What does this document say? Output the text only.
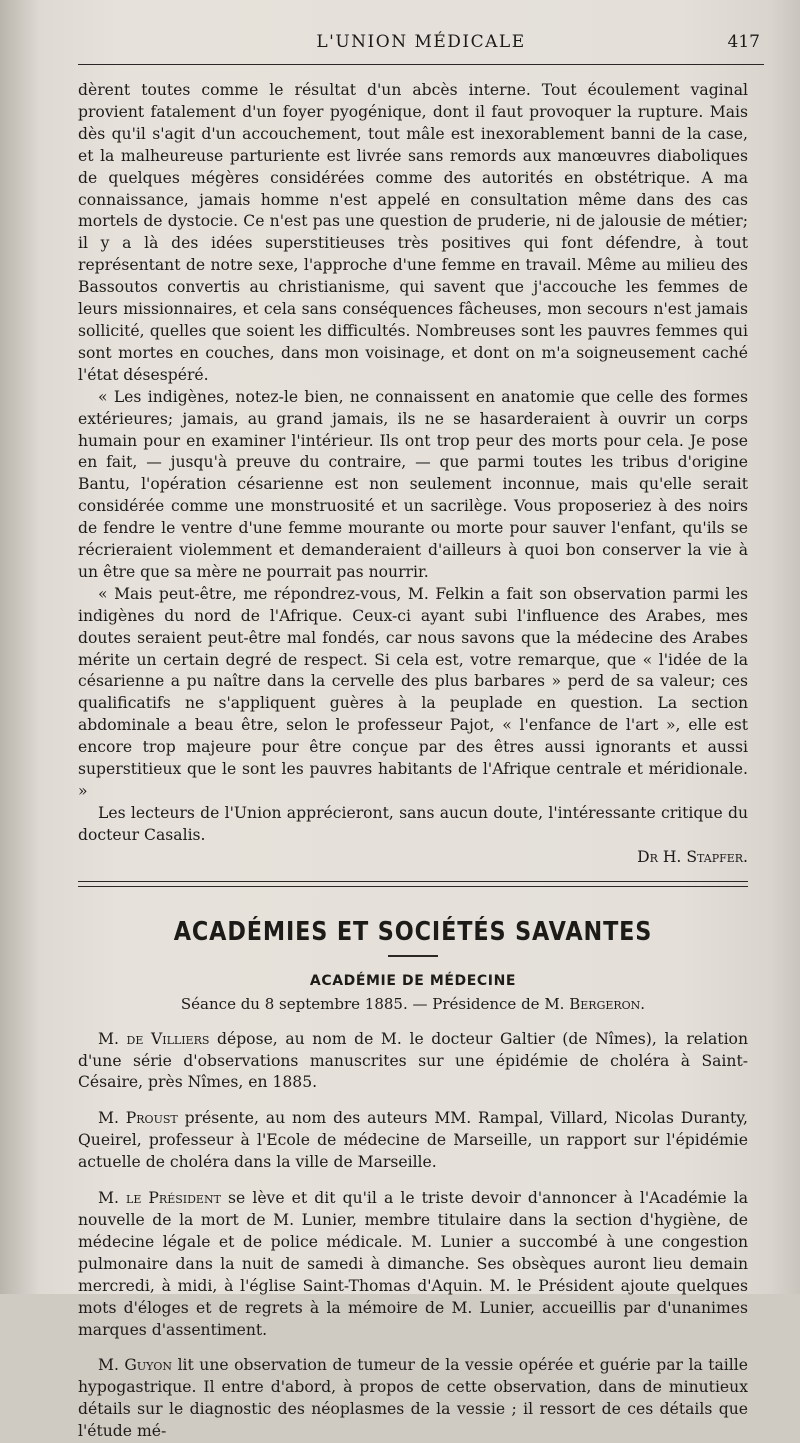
L'UNION MÉDICALE	417

dèrent toutes comme le résultat d'un abcès interne. Tout écoulement vaginal provient fatalement d'un foyer pyogénique, dont il faut provoquer la rupture. Mais dès qu'il s'agit d'un accouchement, tout mâle est inexorablement banni de la case, et la malheureuse parturiente est livrée sans remords aux manœuvres diaboliques de quelques mégères considérées comme des autorités en obstétrique. A ma connaissance, jamais homme n'est appelé en consultation même dans des cas mortels de dystocie. Ce n'est pas une question de pruderie, ni de jalousie de métier; il y a là des idées superstitieuses très positives qui font défendre, à tout représentant de notre sexe, l'approche d'une femme en travail. Même au milieu des Bassoutos convertis au christianisme, qui savent que j'accouche les femmes de leurs missionnaires, et cela sans conséquences fâcheuses, mon secours n'est jamais sollicité, quelles que soient les difficultés. Nombreuses sont les pauvres femmes qui sont mortes en couches, dans mon voisinage, et dont on m'a soigneusement caché l'état désespéré.

« Les indigènes, notez-le bien, ne connaissent en anatomie que celle des formes extérieures; jamais, au grand jamais, ils ne se hasarderaient à ouvrir un corps humain pour en examiner l'intérieur. Ils ont trop peur des morts pour cela. Je pose en fait, — jusqu'à preuve du contraire, — que parmi toutes les tribus d'origine Bantu, l'opération césarienne est non seulement inconnue, mais qu'elle serait considérée comme une monstruosité et un sacrilège. Vous proposeriez à des noirs de fendre le ventre d'une femme mourante ou morte pour sauver l'enfant, qu'ils se récrieraient violemment et demanderaient d'ailleurs à quoi bon conserver la vie à un être que sa mère ne pourrait pas nourrir.

« Mais peut-être, me répondrez-vous, M. Felkin a fait son observation parmi les indigènes du nord de l'Afrique. Ceux-ci ayant subi l'influence des Arabes, mes doutes seraient peut-être mal fondés, car nous savons que la médecine des Arabes mérite un certain degré de respect. Si cela est, votre remarque, que « l'idée de la césarienne a pu naître dans la cervelle des plus barbares » perd de sa valeur; ces qualificatifs ne s'appliquent guères à la peuplade en question. La section abdominale a beau être, selon le professeur Pajot, « l'enfance de l'art », elle est encore trop majeure pour être conçue par des êtres aussi ignorants et aussi superstitieux que le sont les pauvres habitants de l'Afrique centrale et méridionale. »

Les lecteurs de l'Union apprécieront, sans aucun doute, l'intéressante critique du docteur Casalis.

Dr H. Stapfer.
ACADÉMIES ET SOCIÉTÉS SAVANTES
ACADÉMIE DE MÉDECINE
Séance du 8 septembre 1885. — Présidence de M. Bergeron.

M. de Villiers dépose, au nom de M. le docteur Galtier (de Nîmes), la relation d'une série d'observations manuscrites sur une épidémie de choléra à Saint-Césaire, près Nîmes, en 1885.

M. Proust présente, au nom des auteurs MM. Rampal, Villard, Nicolas Duranty, Queirel, professeur à l'Ecole de médecine de Marseille, un rapport sur l'épidémie actuelle de choléra dans la ville de Marseille.

M. le Président se lève et dit qu'il a le triste devoir d'annoncer à l'Académie la nouvelle de la mort de M. Lunier, membre titulaire dans la section d'hygiène, de médecine légale et de police médicale. M. Lunier a succombé à une congestion pulmonaire dans la nuit de samedi à dimanche. Ses obsèques auront lieu demain mercredi, à midi, à l'église Saint-Thomas d'Aquin. M. le Président ajoute quelques mots d'éloges et de regrets à la mémoire de M. Lunier, accueillis par d'unanimes marques d'assentiment.

M. Guyon lit une observation de tumeur de la vessie opérée et guérie par la taille hypogastrique. Il entre d'abord, à propos de cette observation, dans de minutieux détails sur le diagnostic des néoplasmes de la vessie ; il ressort de ces détails que l'étude mé-
